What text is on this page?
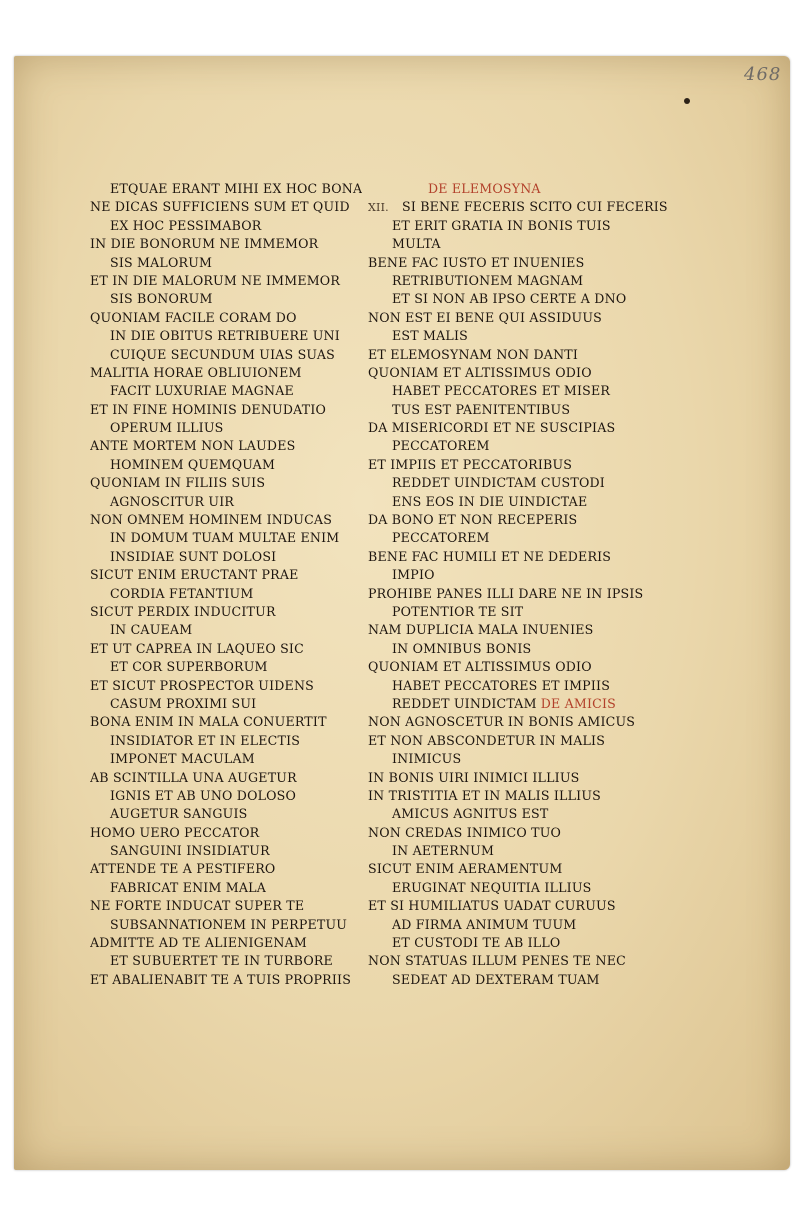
468
ETQUAE ERANT MIHI EX HOC BONA
NE DICAS SUFFICIENS SUM ET QUID
EX HOC PESSIMABOR
IN DIE BONORUM NE IMMEMOR
SIS MALORUM
ET IN DIE MALORUM NE IMMEMOR
SIS BONORUM
QUONIAM FACILE CORAM DO
IN DIE OBITUS RETRIBUERE UNI
CUIQUE SECUNDUM UIAS SUAS
MALITIA HORAE OBLIUIONEM
FACIT LUXURIAE MAGNAE
ET IN FINE HOMINIS DENUDATIO
OPERUM ILLIUS
ANTE MORTEM NON LAUDES
HOMINEM QUEMQUAM
QUONIAM IN FILIIS SUIS
AGNOSCITUR UIR
NON OMNEM HOMINEM INDUCAS
IN DOMUM TUAM MULTAE ENIM
INSIDIAE SUNT DOLOSI
SICUT ENIM ERUCTANT PRAE
CORDIA FETANTIUM
SICUT PERDIX INDUCITUR
IN CAUEAM
ET UT CAPREA IN LAQUEO SIC
ET COR SUPERBORUM
ET SICUT PROSPECTOR UIDENS
CASUM PROXIMI SUI
BONA ENIM IN MALA CONUERTIT
INSIDIATOR ET IN ELECTIS
IMPONET MACULAM
AB SCINTILLA UNA AUGETUR
IGNIS ET AB UNO DOLOSO
AUGETUR SANGUIS
HOMO UERO PECCATOR
SANGUINI INSIDIATUR
ATTENDE TE A PESTIFERO
FABRICAT ENIM MALA
NE FORTE INDUCAT SUPER TE
SUBSANNATIONEM IN PERPETUU
ADMITTE AD TE ALIENIGENAM
ET SUBUERTET TE IN TURBORE
ET ABALIENABIT TE A TUIS PROPRIIS
DE ELEMOSYNA
XII. SI BENE FECERIS SCITO CUI FECERIS
ET ERIT GRATIA IN BONIS TUIS
MULTA
BENE FAC IUSTO ET INUENIES
RETRIBUTIONEM MAGNAM
ET SI NON AB IPSO CERTE A DNO
NON EST EI BENE QUI ASSIDUUS
EST MALIS
ET ELEMOSYNAM NON DANTI
QUONIAM ET ALTISSIMUS ODIO
HABET PECCATORES ET MISER
TUS EST PAENITENTIBUS
DA MISERICORDI ET NE SUSCIPIAS
PECCATOREM
ET IMPIIS ET PECCATORIBUS
REDDET UINDICTAM CUSTODI
ENS EOS IN DIE UINDICTAE
DA BONO ET NON RECEPERIS
PECCATOREM
BENE FAC HUMILI ET NE DEDERIS
IMPIO
PROHIBE PANES ILLI DARE NE IN IPSIS
POTENTIOR TE SIT
NAM DUPLICIA MALA INUENIES
IN OMNIBUS BONIS
QUONIAM ET ALTISSIMUS ODIO
HABET PECCATORES ET IMPIIS
REDDET UINDICTAM DE AMICIS
NON AGNOSCETUR IN BONIS AMICUS
ET NON ABSCONDETUR IN MALIS
INIMICUS
IN BONIS UIRI INIMICI ILLIUS
IN TRISTITIA ET IN MALIS ILLIUS
AMICUS AGNITUS EST
NON CREDAS INIMICO TUO
IN AETERNUM
SICUT ENIM AERAMENTUM
ERUGINAT NEQUITIA ILLIUS
ET SI HUMILIATUS UADAT CURUUS
AD FIRMA ANIMUM TUUM
ET CUSTODI TE AB ILLO
NON STATUAS ILLUM PENES TE NEC
SEDEAT AD DEXTERAM TUAM
